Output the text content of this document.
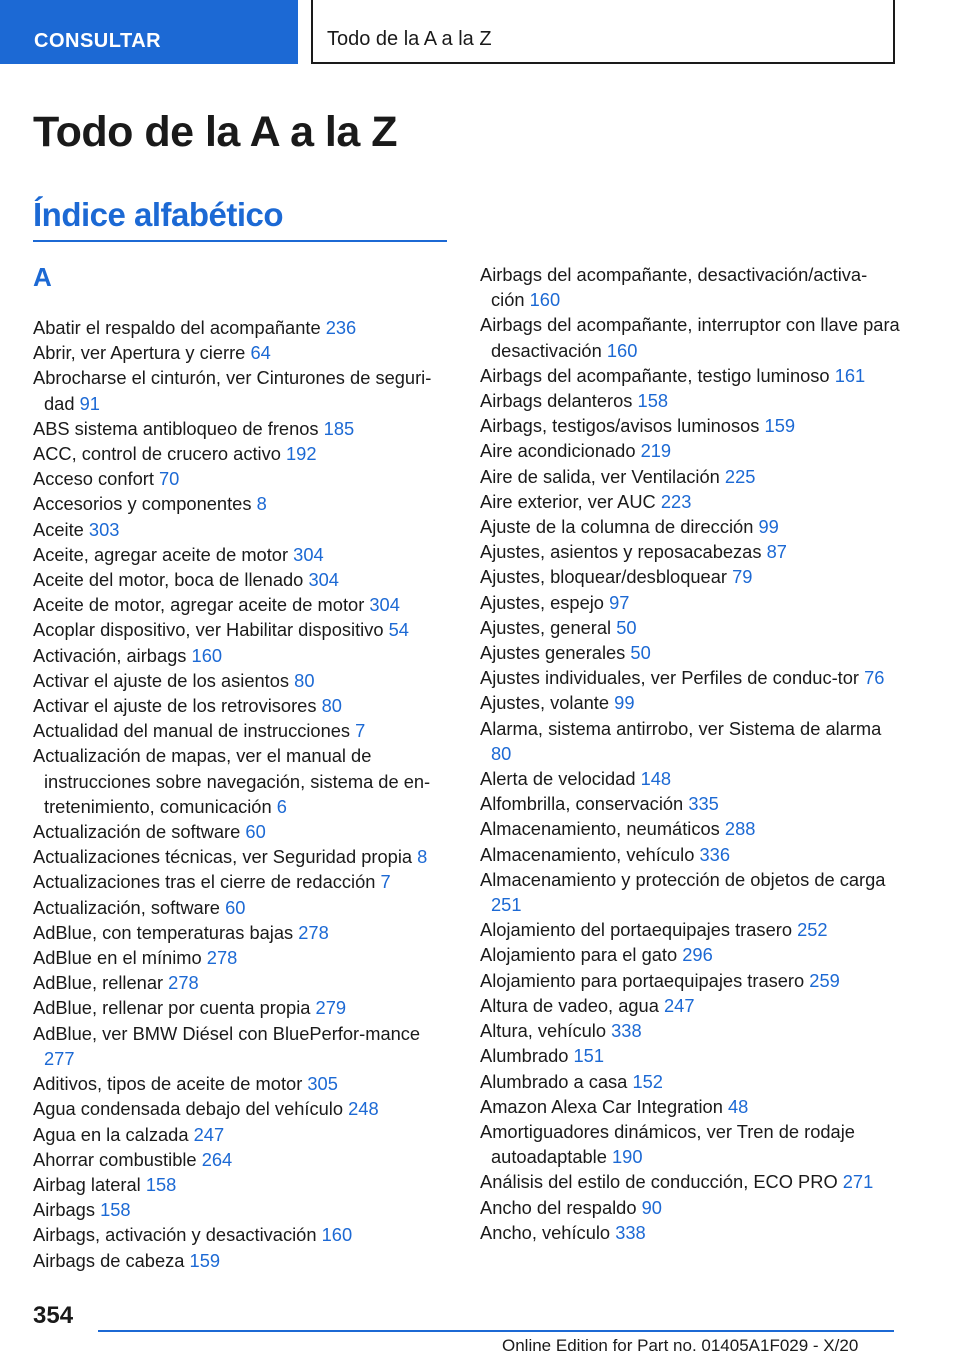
CONSULTAR	Todo de la A a la Z
Todo de la A a la Z
Índice alfabético
A
Abatir el respaldo del acompañante 236
Abrir, ver Apertura y cierre 64
Abrocharse el cinturón, ver Cinturones de seguri‐dad 91
ABS sistema antibloqueo de frenos 185
ACC, control de crucero activo 192
Acceso confort 70
Accesorios y componentes 8
Aceite 303
Aceite, agregar aceite de motor 304
Aceite del motor, boca de llenado 304
Aceite de motor, agregar aceite de motor 304
Acoplar dispositivo, ver Habilitar dispositivo 54
Activación, airbags 160
Activar el ajuste de los asientos 80
Activar el ajuste de los retrovisores 80
Actualidad del manual de instrucciones 7
Actualización de mapas, ver el manual de instrucciones sobre navegación, sistema de en‐tretenimiento, comunicación 6
Actualización de software 60
Actualizaciones técnicas, ver Seguridad propia 8
Actualizaciones tras el cierre de redacción 7
Actualización, software 60
AdBlue, con temperaturas bajas 278
AdBlue en el mínimo 278
AdBlue, rellenar 278
AdBlue, rellenar por cuenta propia 279
AdBlue, ver BMW Diésel con BluePerfor‐mance 277
Aditivos, tipos de aceite de motor 305
Agua condensada debajo del vehículo 248
Agua en la calzada 247
Ahorrar combustible 264
Airbag lateral 158
Airbags 158
Airbags, activación y desactivación 160
Airbags de cabeza 159
Airbags del acompañante, desactivación/activa‐ción 160
Airbags del acompañante, interruptor con llave para desactivación 160
Airbags del acompañante, testigo luminoso 161
Airbags delanteros 158
Airbags, testigos/avisos luminosos 159
Aire acondicionado 219
Aire de salida, ver Ventilación 225
Aire exterior, ver AUC 223
Ajuste de la columna de dirección 99
Ajustes, asientos y reposacabezas 87
Ajustes, bloquear/desbloquear 79
Ajustes, espejo 97
Ajustes, general 50
Ajustes generales 50
Ajustes individuales, ver Perfiles de conduc‐tor 76
Ajustes, volante 99
Alarma, sistema antirrobo, ver Sistema de alarma 80
Alerta de velocidad 148
Alfombrilla, conservación 335
Almacenamiento, neumáticos 288
Almacenamiento, vehículo 336
Almacenamiento y protección de objetos de carga 251
Alojamiento del portaequipajes trasero 252
Alojamiento para el gato 296
Alojamiento para portaequipajes trasero 259
Altura de vadeo, agua 247
Altura, vehículo 338
Alumbrado 151
Alumbrado a casa 152
Amazon Alexa Car Integration 48
Amortiguadores dinámicos, ver Tren de rodaje autoadaptable 190
Análisis del estilo de conducción, ECO PRO 271
Ancho del respaldo 90
Ancho, vehículo 338
354
Online Edition for Part no. 01405A1F029 - X/20
